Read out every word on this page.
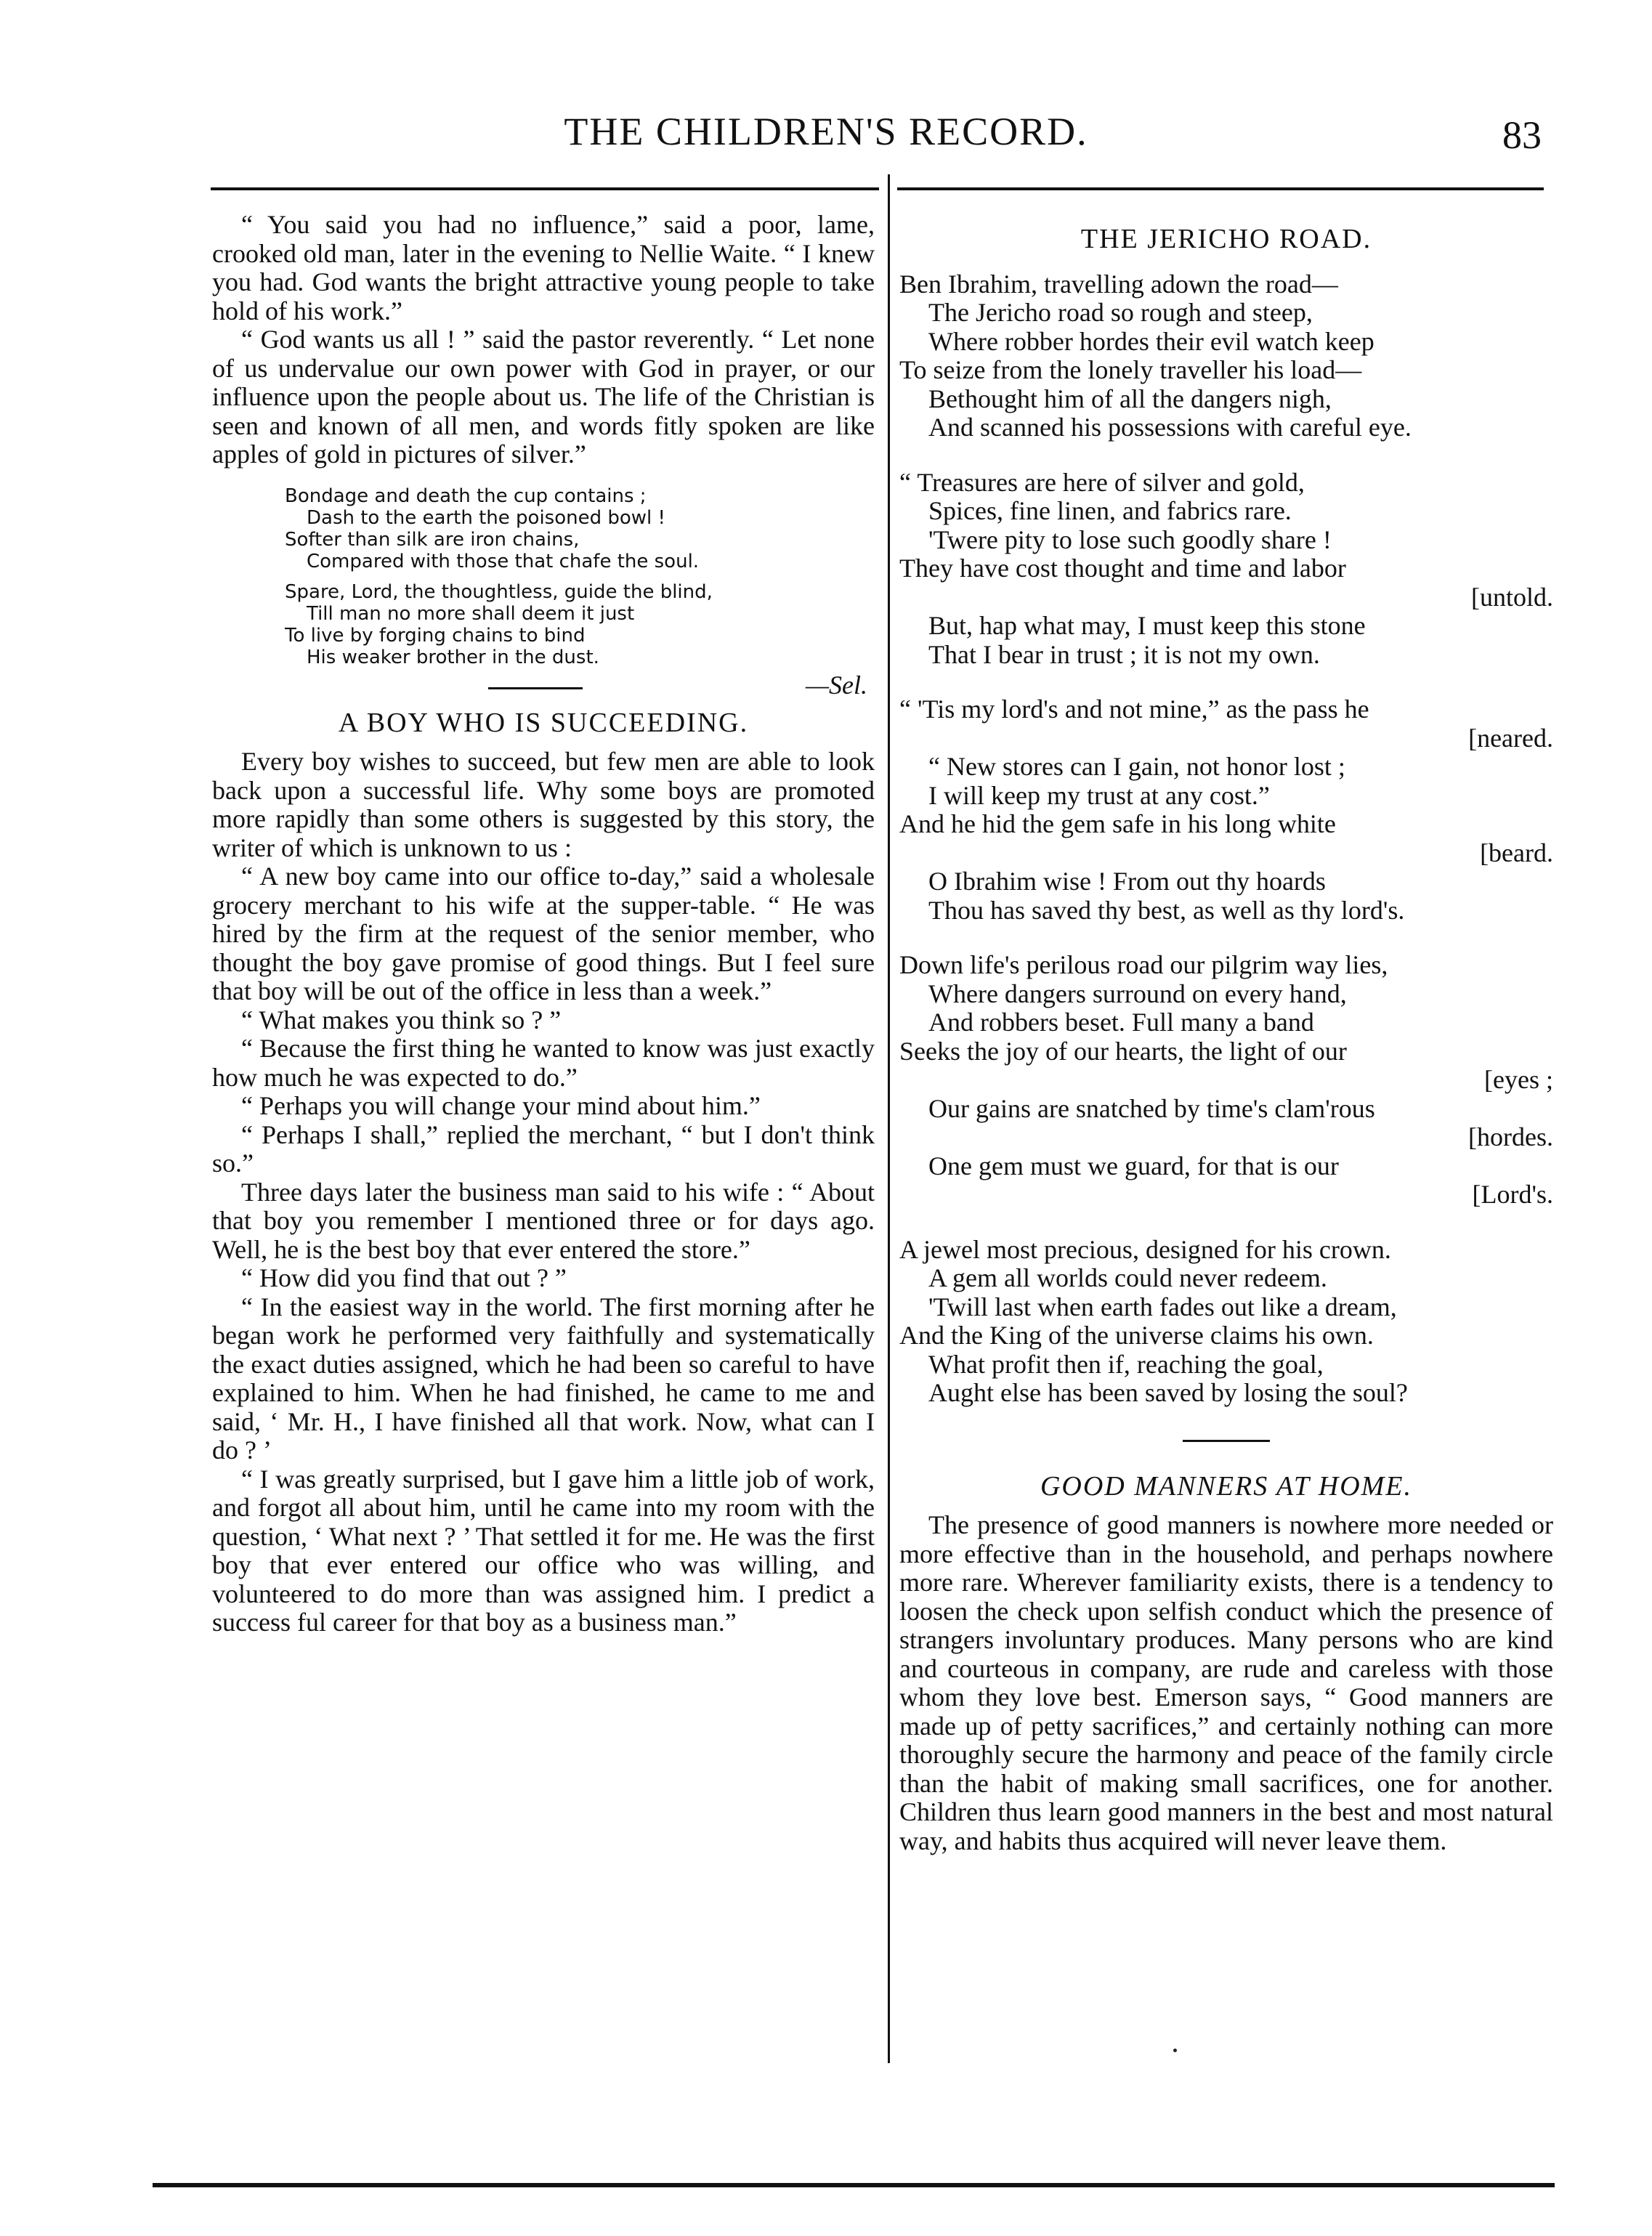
THE CHILDREN'S RECORD.	83

“ You said you had no influence,” said a poor, lame, crooked old man, later in the evening to Nellie Waite. “ I knew you had. God wants the bright attractive young people to take hold of his work.”

“ God wants us all ! ” said the pastor reverently. “ Let none of us undervalue our own power with God in prayer, or our influence upon the people about us. The life of the Christian is seen and known of all men, and words fitly spoken are like apples of gold in pictures of silver.”

Bondage and death the cup contains ;
Dash to the earth the poisoned bowl !
Softer than silk are iron chains,
Compared with those that chafe the soul.
Spare, Lord, the thoughtless, guide the blind,
Till man no more shall deem it just
To live by forging chains to bind
His weaker brother in the dust.
—Sel.
A BOY WHO IS SUCCEEDING.

Every boy wishes to succeed, but few men are able to look back upon a successful life. Why some boys are promoted more rapidly than some others is suggested by this story, the writer of which is unknown to us :

“ A new boy came into our office to-day,” said a wholesale grocery merchant to his wife at the supper-table. “ He was hired by the firm at the request of the senior member, who thought the boy gave promise of good things. But I feel sure that boy will be out of the office in less than a week.”

“ What makes you think so ? ”

“ Because the first thing he wanted to know was just exactly how much he was expected to do.”

“ Perhaps you will change your mind about him.”

“ Perhaps I shall,” replied the merchant, “ but I don't think so.”

Three days later the business man said to his wife : “ About that boy you remember I mentioned three or for days ago. Well, he is the best boy that ever entered the store.”

“ How did you find that out ? ”

“ In the easiest way in the world. The first morning after he began work he performed very faithfully and systematically the exact duties assigned, which he had been so careful to have explained to him. When he had finished, he came to me and said, ‘ Mr. H., I have finished all that work. Now, what can I do ? ’

“ I was greatly surprised, but I gave him a little job of work, and forgot all about him, until he came into my room with the question, ‘ What next ? ’ That settled it for me. He was the first boy that ever entered our office who was willing, and volunteered to do more than was assigned him. I predict a success ful career for that boy as a business man.”

THE JERICHO ROAD.
Ben Ibrahim, travelling adown the road—
The Jericho road so rough and steep,
Where robber hordes their evil watch keep
To seize from the lonely traveller his load—
Bethought him of all the dangers nigh,
And scanned his possessions with careful eye.
“ Treasures are here of silver and gold,
Spices, fine linen, and fabrics rare.
'Twere pity to lose such goodly share !
They have cost thought and time and labor
[untold.
But, hap what may, I must keep this stone
That I bear in trust ; it is not my own.
“ 'Tis my lord's and not mine,” as the pass he
[neared.
“ New stores can I gain, not honor lost ;
I will keep my trust at any cost.”
And he hid the gem safe in his long white
[beard.
O Ibrahim wise ! From out thy hoards
Thou has saved thy best, as well as thy lord's.
Down life's perilous road our pilgrim way lies,
Where dangers surround on every hand,
And robbers beset. Full many a band
Seeks the joy of our hearts, the light of our
[eyes ;
Our gains are snatched by time's clam'rous
[hordes.
One gem must we guard, for that is our
[Lord's.
A jewel most precious, designed for his crown.
A gem all worlds could never redeem.
'Twill last when earth fades out like a dream,
And the King of the universe claims his own.
What profit then if, reaching the goal,
Aught else has been saved by losing the soul?
GOOD MANNERS AT HOME.

The presence of good manners is nowhere more needed or more effective than in the household, and perhaps nowhere more rare. Wherever familiarity exists, there is a tendency to loosen the check upon selfish conduct which the presence of strangers involuntary produces. Many persons who are kind and courteous in company, are rude and careless with those whom they love best. Emerson says, “ Good manners are made up of petty sacrifices,” and certainly nothing can more thoroughly secure the harmony and peace of the family circle than the habit of making small sacrifices, one for another. Children thus learn good manners in the best and most natural way, and habits thus acquired will never leave them.
